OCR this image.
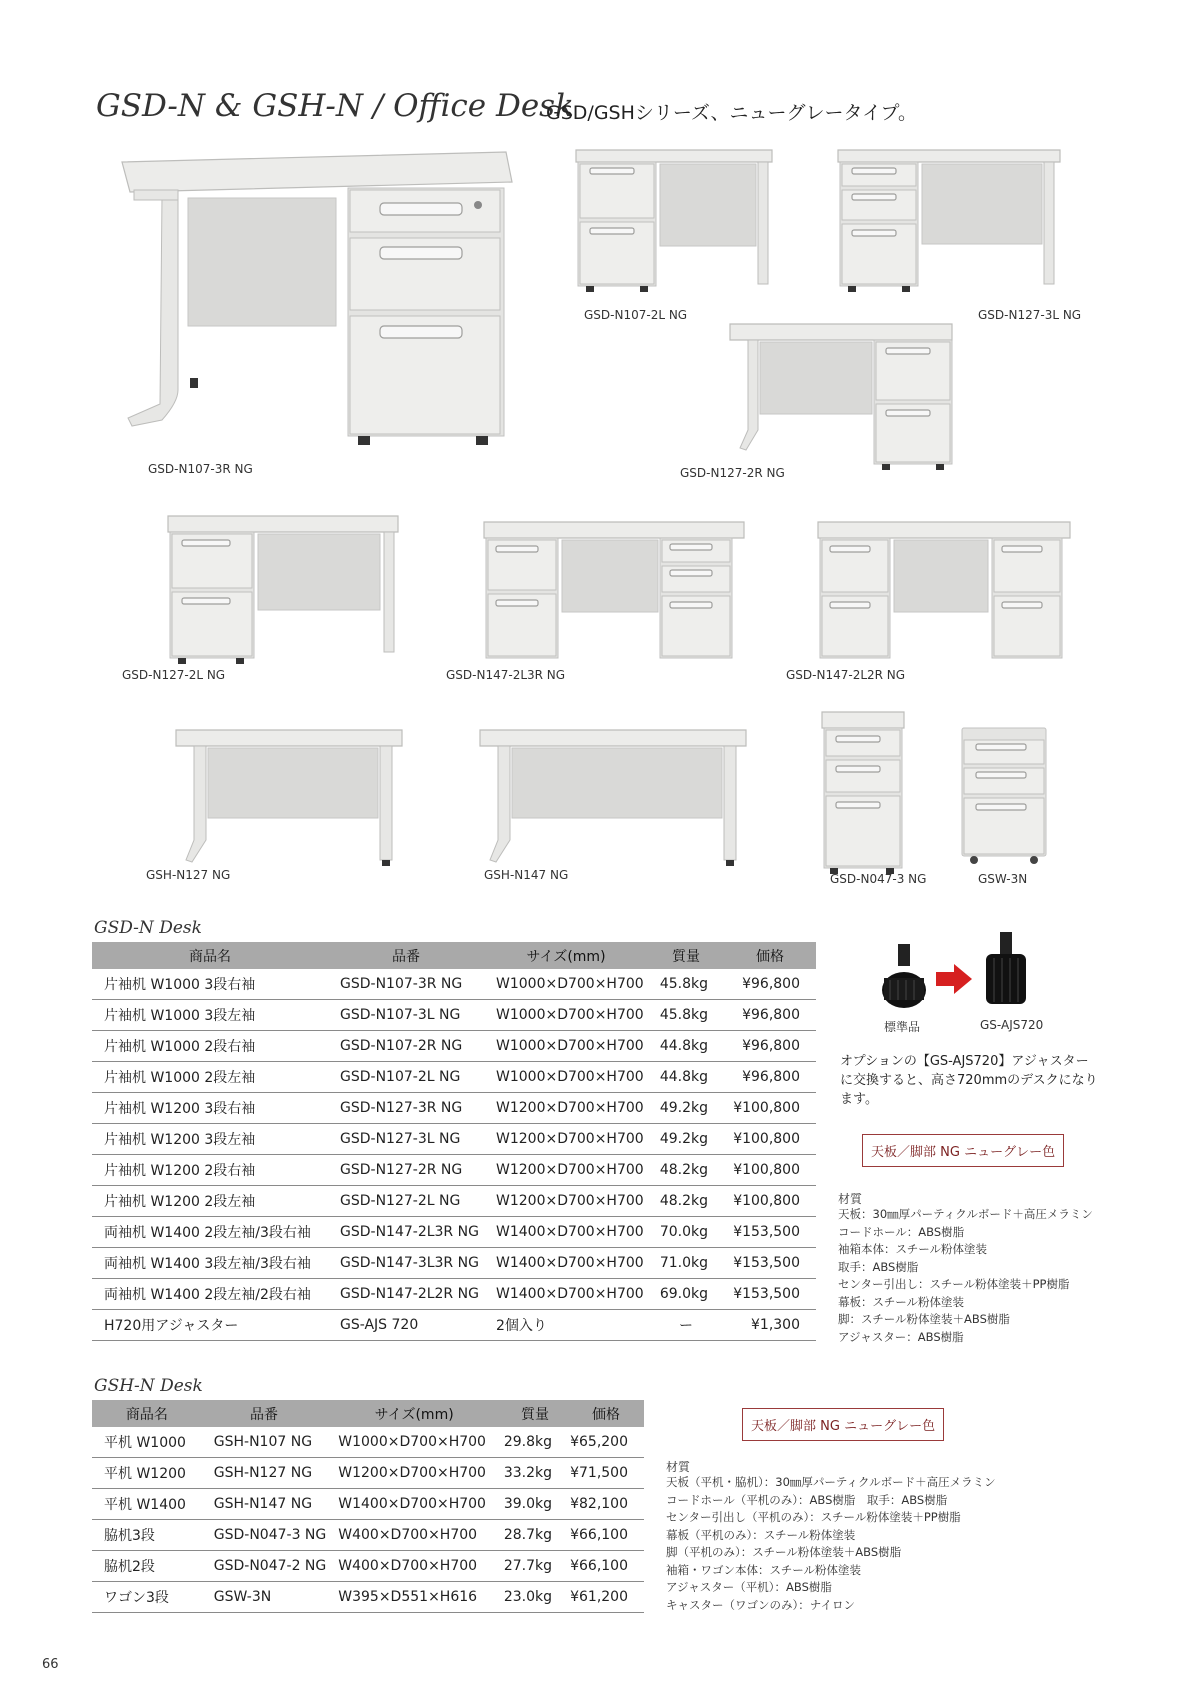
GSD-N & GSH-N / Office Desk
GSD/GSHシリーズ、ニューグレータイプ。
GSD-N107-3R NG
GSD-N107-2L NG	GSD-N127-3L NG
GSD-N127-2R NG
GSD-N127-2L NG	GSD-N147-2L3R NG	GSD-N147-2L2R NG
GSH-N127 NG	GSH-N147 NG	GSD-N047-3 NG	GSW-3N
GSD-N Desk
商品名	品番	サイズ(mm)	質量	価格
片袖机 W1000 3段右袖	GSD-N107-3R NG	W1000×D700×H700	45.8kg	¥96,800
片袖机 W1000 3段左袖	GSD-N107-3L NG	W1000×D700×H700	45.8kg	¥96,800
片袖机 W1000 2段右袖	GSD-N107-2R NG	W1000×D700×H700	44.8kg	¥96,800
片袖机 W1000 2段左袖	GSD-N107-2L NG	W1000×D700×H700	44.8kg	¥96,800
片袖机 W1200 3段右袖	GSD-N127-3R NG	W1200×D700×H700	49.2kg	¥100,800
片袖机 W1200 3段左袖	GSD-N127-3L NG	W1200×D700×H700	49.2kg	¥100,800
片袖机 W1200 2段右袖	GSD-N127-2R NG	W1200×D700×H700	48.2kg	¥100,800
片袖机 W1200 2段左袖	GSD-N127-2L NG	W1200×D700×H700	48.2kg	¥100,800
両袖机 W1400 2段左袖/3段右袖	GSD-N147-2L3R NG	W1400×D700×H700	70.0kg	¥153,500
両袖机 W1400 3段左袖/3段右袖	GSD-N147-3L3R NG	W1400×D700×H700	71.0kg	¥153,500
両袖机 W1400 2段左袖/2段右袖	GSD-N147-2L2R NG	W1400×D700×H700	69.0kg	¥153,500
H720用アジャスター	GS-AJS 720	2個入り	ー	¥1,300
標準品	GS-AJS720
オプションの【GS-AJS720】アジャスターに交換すると、高さ720mmのデスクになります。
天板／脚部 NG ニューグレー色
材質
天板：30㎜厚パーティクルボード＋高圧メラミン
コードホール：ABS樹脂
袖箱本体：スチール粉体塗装
取手：ABS樹脂
センター引出し：スチール粉体塗装＋PP樹脂
幕板：スチール粉体塗装
脚：スチール粉体塗装＋ABS樹脂
アジャスター：ABS樹脂
GSH-N Desk
商品名	品番	サイズ(mm)	質量	価格
平机 W1000	GSH-N107 NG	W1000×D700×H700	29.8kg	¥65,200
平机 W1200	GSH-N127 NG	W1200×D700×H700	33.2kg	¥71,500
平机 W1400	GSH-N147 NG	W1400×D700×H700	39.0kg	¥82,100
脇机3段	GSD-N047-3 NG	W400×D700×H700	28.7kg	¥66,100
脇机2段	GSD-N047-2 NG	W400×D700×H700	27.7kg	¥66,100
ワゴン3段	GSW-3N	W395×D551×H616	23.0kg	¥61,200
天板／脚部 NG ニューグレー色
材質
天板（平机・脇机）：30㎜厚パーティクルボード＋高圧メラミン
コードホール（平机のみ）：ABS樹脂　取手：ABS樹脂
センター引出し（平机のみ）：スチール粉体塗装＋PP樹脂
幕板（平机のみ）：スチール粉体塗装
脚（平机のみ）：スチール粉体塗装＋ABS樹脂
袖箱・ワゴン本体：スチール粉体塗装
アジャスター（平机）：ABS樹脂
キャスター（ワゴンのみ）：ナイロン
66
